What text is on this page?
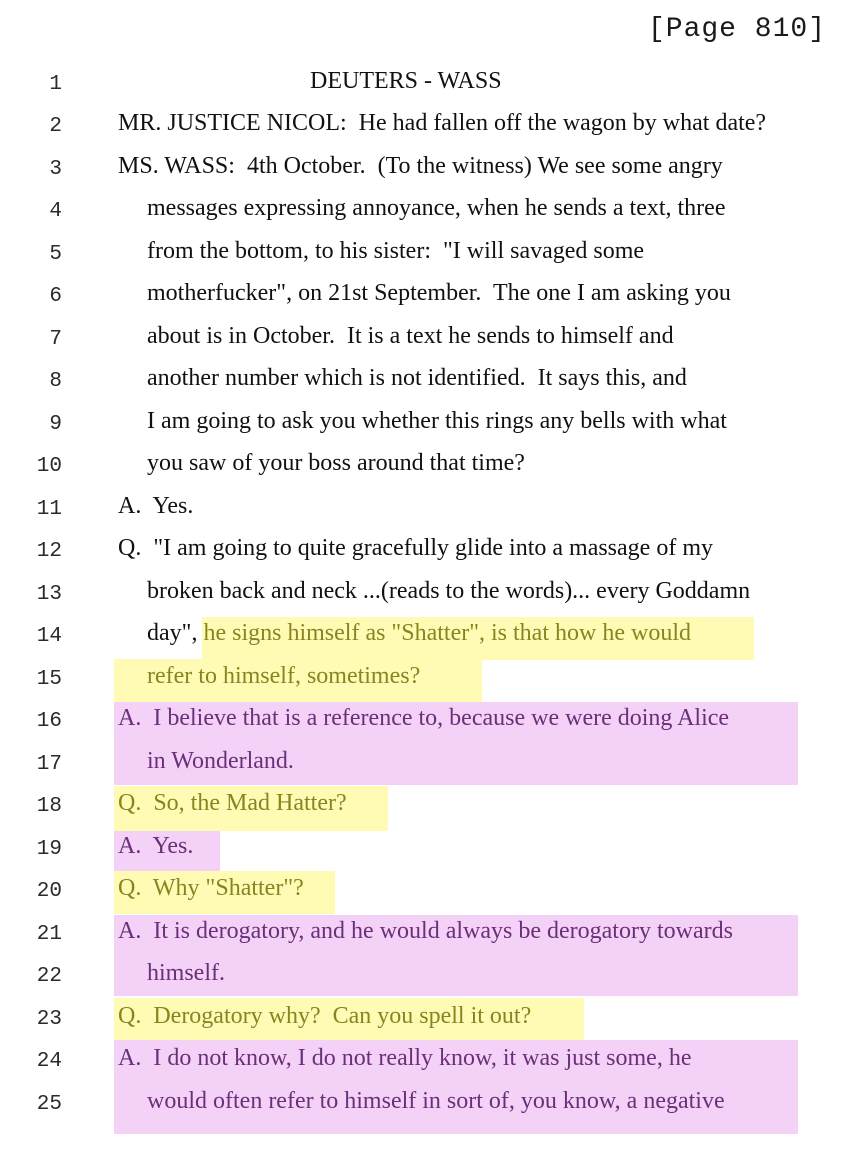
[Page 810]
1	DEUTERS - WASS
2 MR. JUSTICE NICOL:  He had fallen off the wagon by what date?
3 MS. WASS:  4th October.  (To the witness) We see some angry
4	messages expressing annoyance, when he sends a text, three
5	from the bottom, to his sister:  "I will savaged some
6	motherfucker", on 21st September.  The one I am asking you
7	about is in October.  It is a text he sends to himself and
8	another number which is not identified.  It says this, and
9	I am going to ask you whether this rings any bells with what
10	you saw of your boss around that time?
11 A.  Yes.
12 Q.  "I am going to quite gracefully glide into a massage of my
13	broken back and neck ...(reads to the words)... every Goddamn
14	day", he signs himself as "Shatter", is that how he would
15	refer to himself, sometimes?
16 A.  I believe that is a reference to, because we were doing Alice
17	in Wonderland.
18 Q.  So, the Mad Hatter?
19 A.  Yes.
20 Q.  Why "Shatter"?
21 A.  It is derogatory, and he would always be derogatory towards
22	himself.
23 Q.  Derogatory why?  Can you spell it out?
24 A.  I do not know, I do not really know, it was just some, he
25	would often refer to himself in sort of, you know, a negative
